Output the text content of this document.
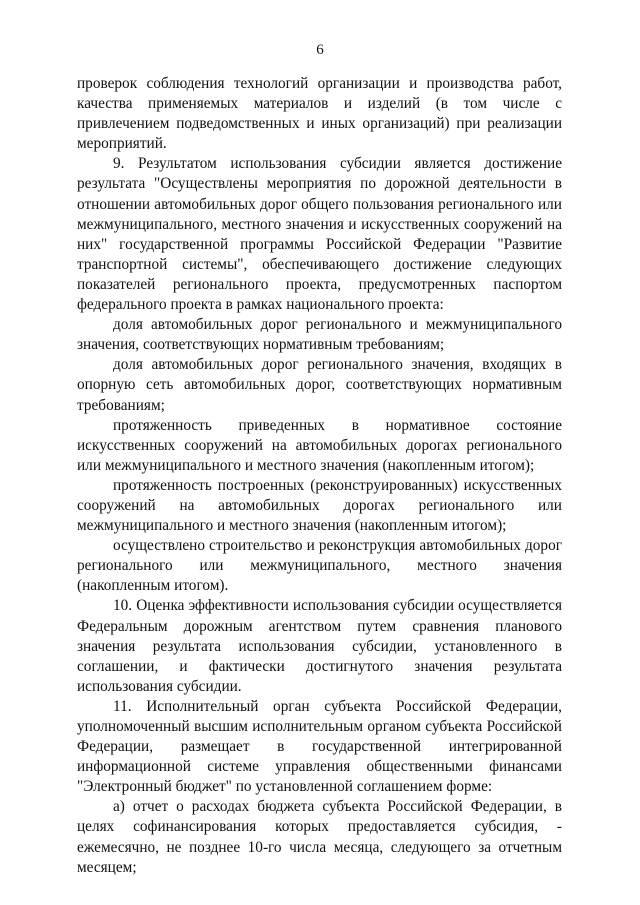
6

проверок соблюдения технологий организации и производства работ, качества применяемых материалов и изделий (в том числе с привлечением подведомственных и иных организаций) при реализации мероприятий.

9. Результатом использования субсидии является достижение результата "Осуществлены мероприятия по дорожной деятельности в отношении автомобильных дорог общего пользования регионального или межмуниципального, местного значения и искусственных сооружений на них" государственной программы Российской Федерации "Развитие транспортной системы", обеспечивающего достижение следующих показателей регионального проекта, предусмотренных паспортом федерального проекта в рамках национального проекта:

доля автомобильных дорог регионального и межмуниципального значения, соответствующих нормативным требованиям;

доля автомобильных дорог регионального значения, входящих в опорную сеть автомобильных дорог, соответствующих нормативным требованиям;

протяженность приведенных в нормативное состояние искусственных сооружений на автомобильных дорогах регионального или межмуниципального и местного значения (накопленным итогом);

протяженность построенных (реконструированных) искусственных сооружений на автомобильных дорогах регионального или межмуниципального и местного значения (накопленным итогом);

осуществлено строительство и реконструкция автомобильных дорог регионального или межмуниципального, местного значения (накопленным итогом).

10. Оценка эффективности использования субсидии осуществляется Федеральным дорожным агентством путем сравнения планового значения результата использования субсидии, установленного в соглашении, и фактически достигнутого значения результата использования субсидии.

11. Исполнительный орган субъекта Российской Федерации, уполномоченный высшим исполнительным органом субъекта Российской Федерации, размещает в государственной интегрированной информационной системе управления общественными финансами "Электронный бюджет" по установленной соглашением форме:

а) отчет о расходах бюджета субъекта Российской Федерации, в целях софинансирования которых предоставляется субсидия, - ежемесячно, не позднее 10-го числа месяца, следующего за отчетным месяцем;
